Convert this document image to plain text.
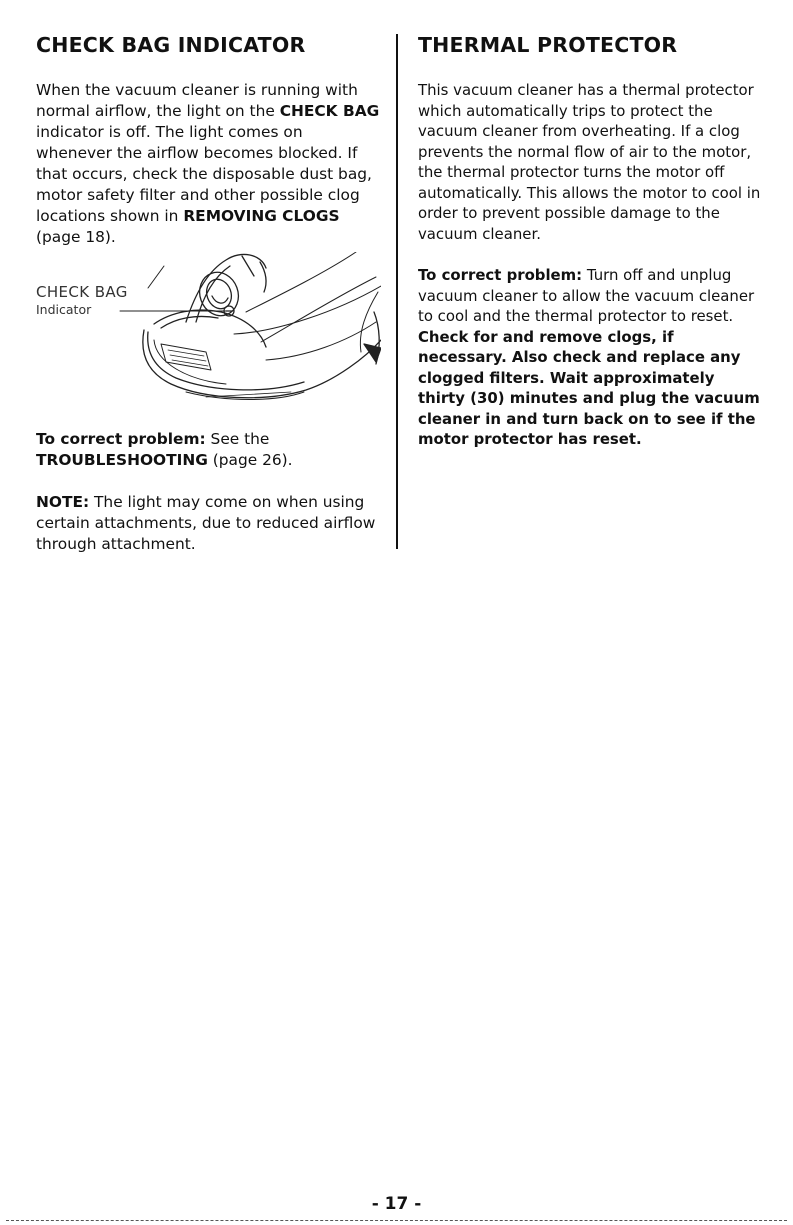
CHECK BAG INDICATOR

When the vacuum cleaner is running with normal airflow, the light on the CHECK BAG indicator is off. The light comes on whenever the airflow becomes blocked. If that occurs, check the disposable dust bag, motor safety filter and other possible clog locations shown in REMOVING CLOGS (page 18).

CHECK BAG
Indicator

To correct problem: See the TROUBLESHOOTING (page 26).

NOTE: The light may come on when using certain attachments, due to reduced airflow through attachment.

THERMAL PROTECTOR

This vacuum cleaner has a thermal protector which automatically trips to protect the vacuum cleaner from overheating. If a clog prevents the normal flow of air to the motor, the thermal protector turns the motor off automatically. This allows the motor to cool in order to prevent possible damage to the vacuum cleaner.

To correct problem: Turn off and unplug vacuum cleaner to allow the vacuum cleaner to cool and the thermal protector to reset. Check for and remove clogs, if necessary. Also check and replace any clogged filters. Wait approximately thirty (30) minutes and plug the vacuum cleaner in and turn back on to see if the motor protector has reset.

- 17 -
